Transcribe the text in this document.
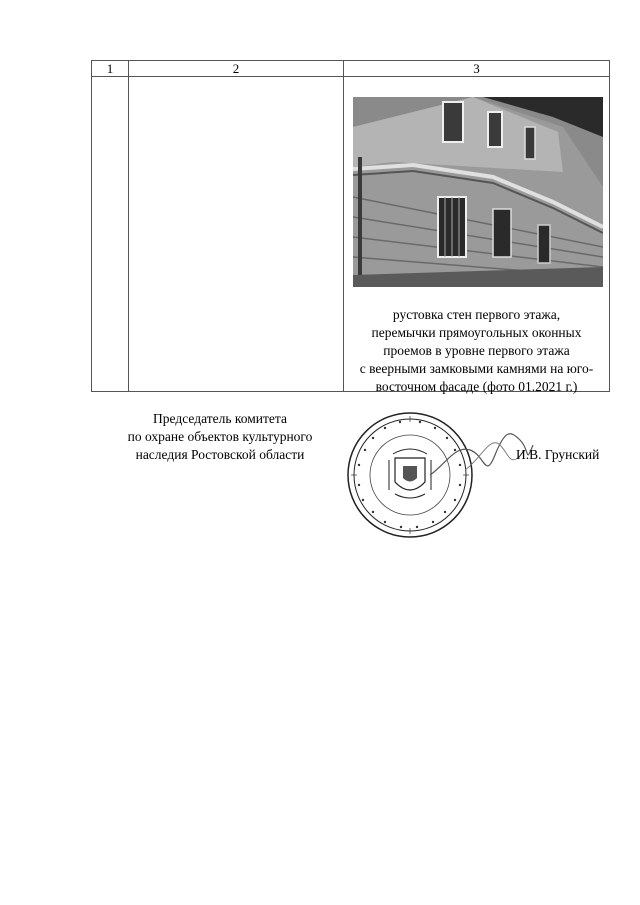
1	2	3

		рустовка стен первого этажа,
перемычки прямоугольных оконных
проемов в уровне первого этажа
с веерными замковыми камнями на юго-
восточном фасаде (фото 01.2021 г.)
Председатель комитета
по охране объектов культурного
наследия Ростовской области	И.В. Грунский
